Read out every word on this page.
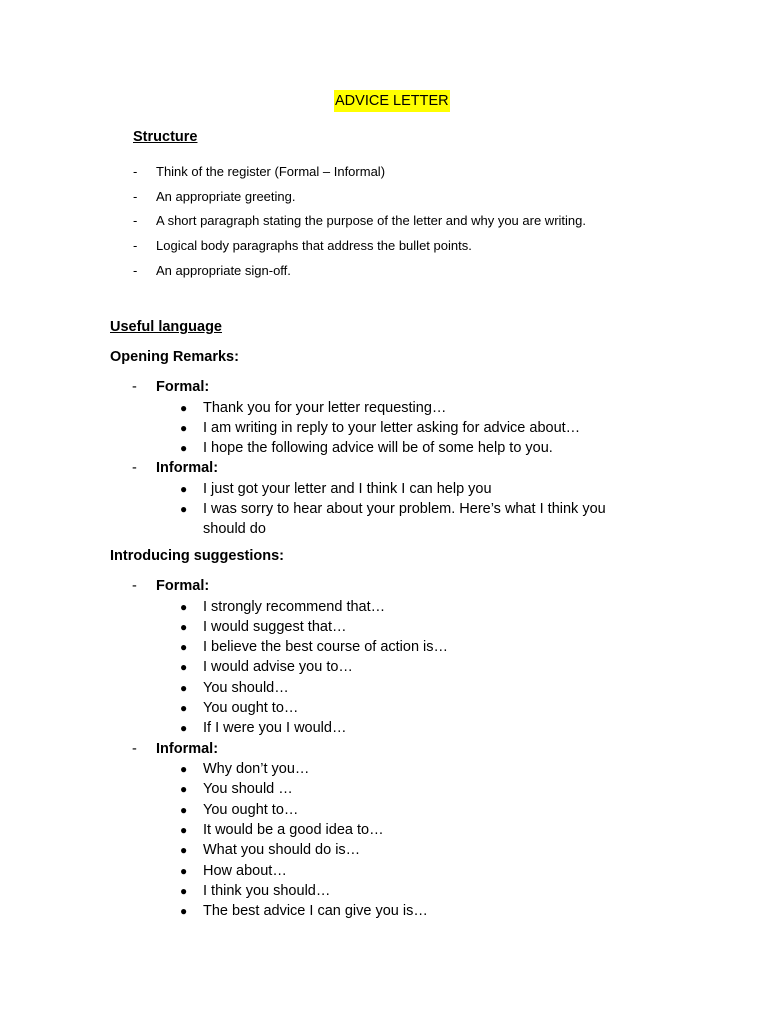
ADVICE LETTER
Structure
- Think of the register (Formal – Informal)
- An appropriate greeting.
- A short paragraph stating the purpose of the letter and why you are writing.
- Logical body paragraphs that address the bullet points.
- An appropriate sign-off.
Useful language

Opening Remarks:

- Formal:
● Thank you for your letter requesting…
● I am writing in reply to your letter asking for advice about…
● I hope the following advice will be of some help to you.
- Informal:
● I just got your letter and I think I can help you
● I was sorry to hear about your problem. Here’s what I think you should do

Introducing suggestions:

- Formal:
● I strongly recommend that…
● I would suggest that…
● I believe the best course of action is…
● I would advise you to…
● You should…
● You ought to…
● If I were you I would…
- Informal:
● Why don’t you…
● You should …
● You ought to…
● It would be a good idea to…
● What you should do is…
● How about…
● I think you should…
● The best advice I can give you is…
